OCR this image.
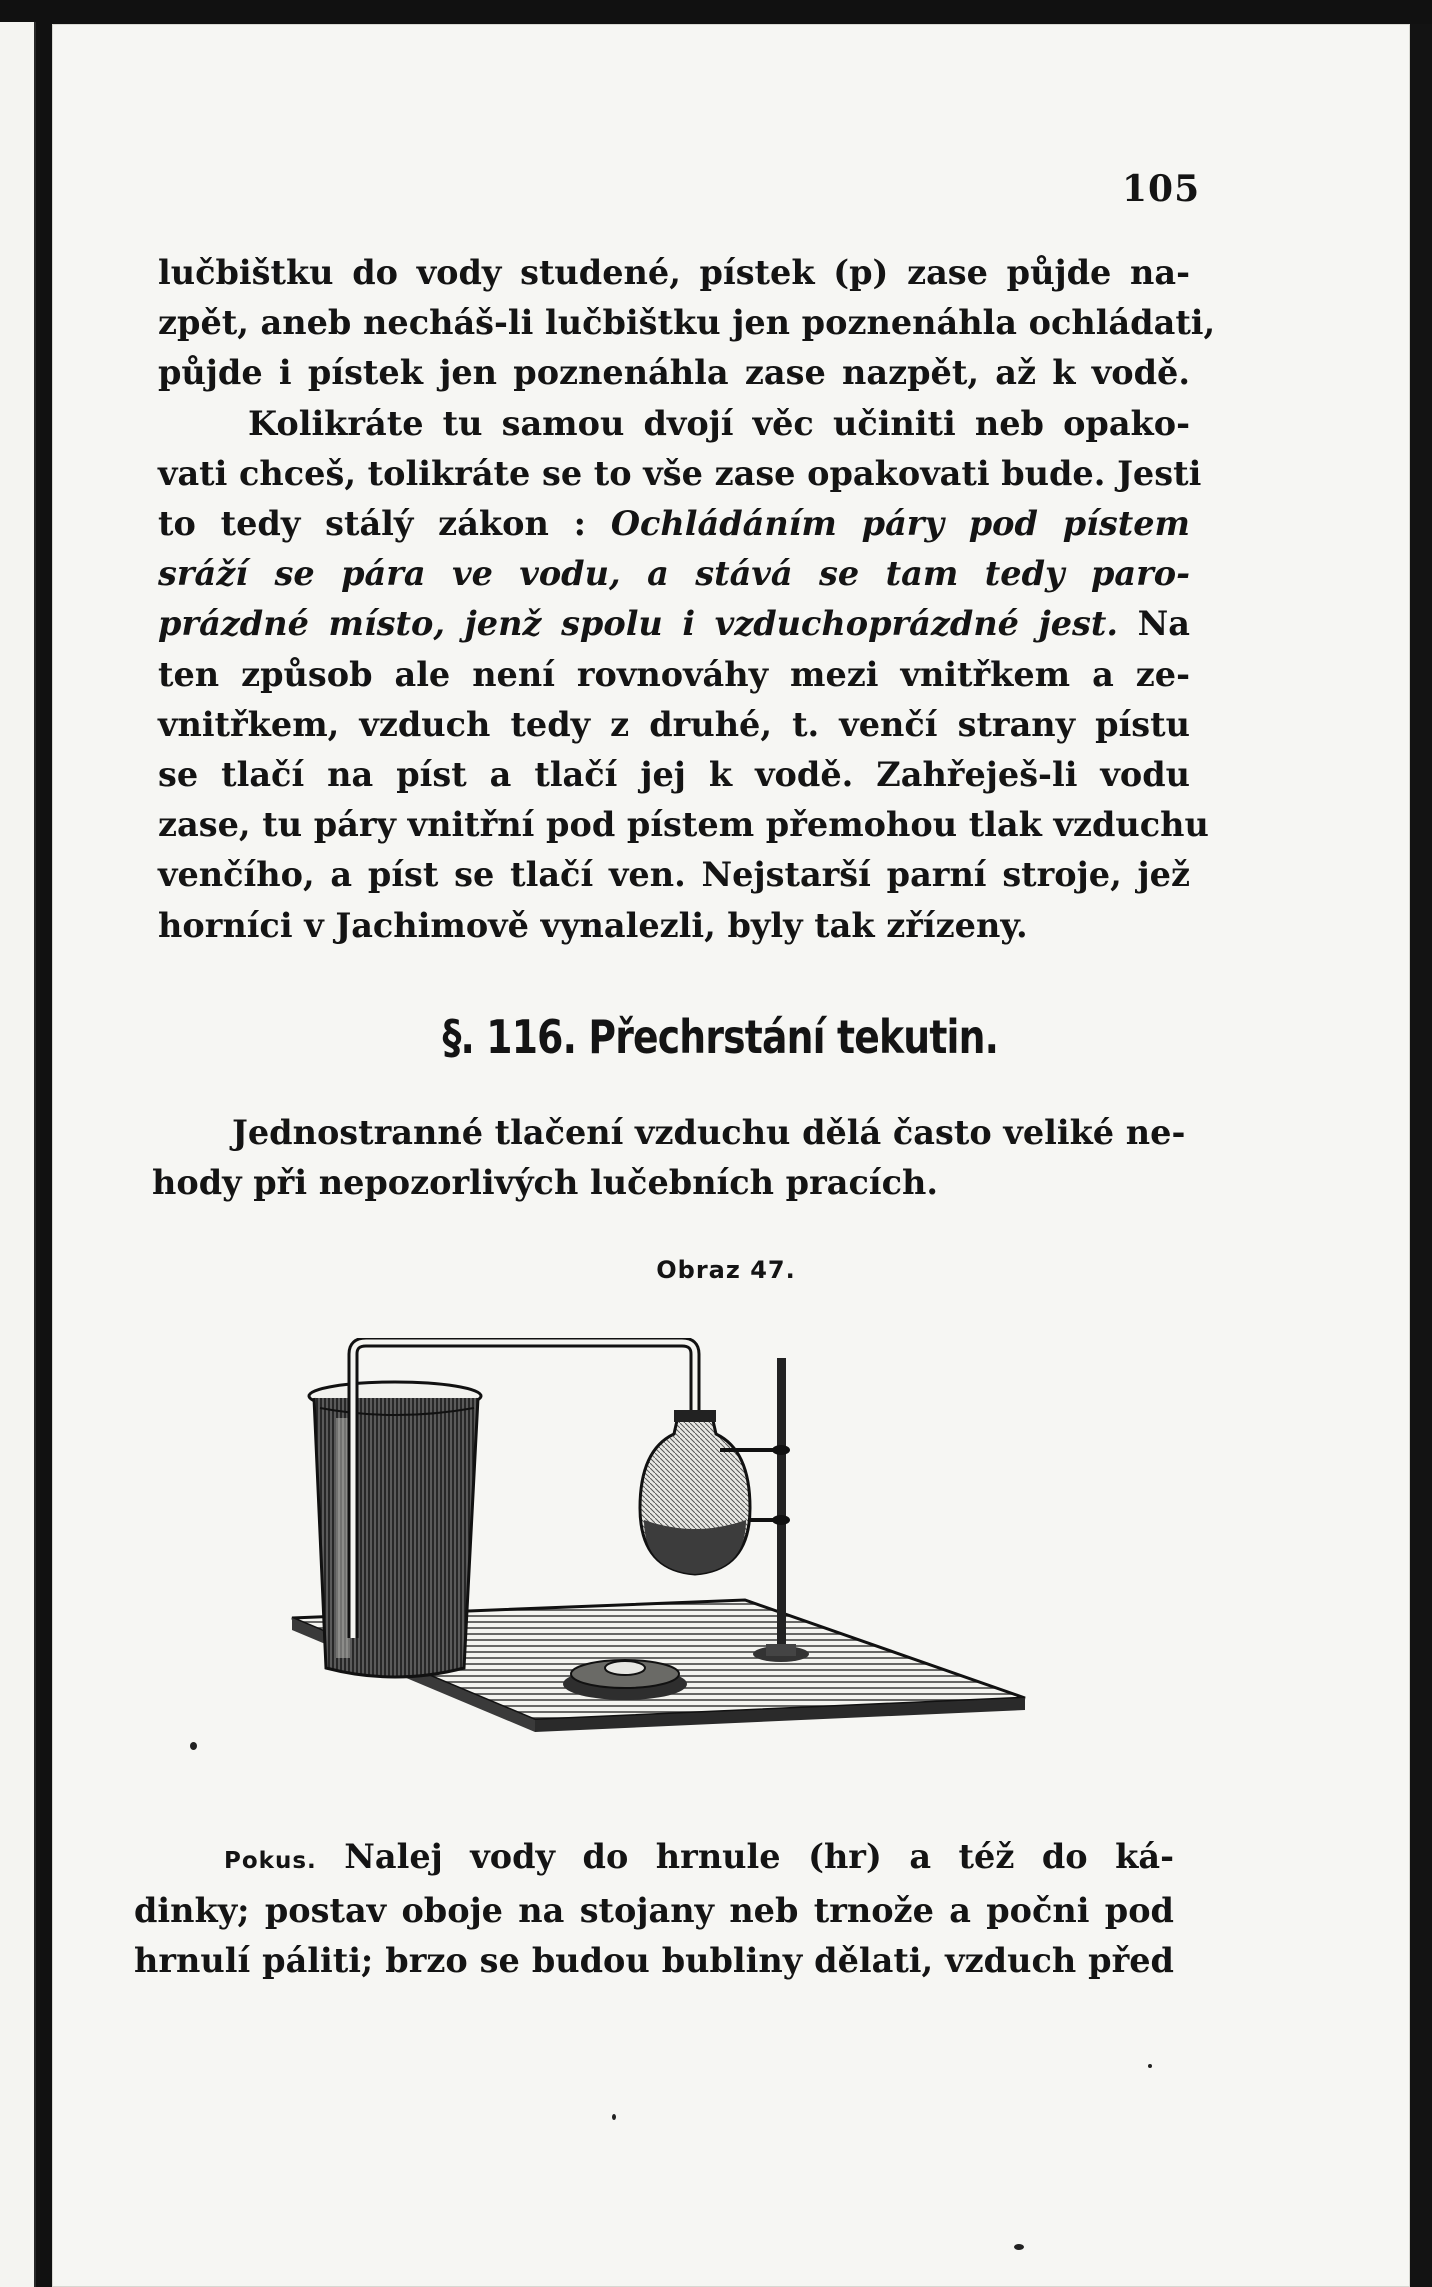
105
lučbištku do vody studené, pístek (p) zase půjde na-
zpět, aneb necháš-li lučbištku jen poznenáhla ochládati,
půjde i pístek jen poznenáhla zase nazpět, až k vodě.
Kolikráte tu samou dvojí věc učiniti neb opako-
vati chceš, tolikráte se to vše zase opakovati bude. Jesti
to tedy stálý zákon : Ochládáním páry pod pístem
sráží se pára ve vodu, a stává se tam tedy paro-
prázdné místo, jenž spolu i vzduchoprázdné jest. Na
ten způsob ale není rovnováhy mezi vnitřkem a ze-
vnitřkem, vzduch tedy z druhé, t. venčí strany pístu
se tlačí na píst a tlačí jej k vodě. Zahřeješ-li vodu
zase, tu páry vnitřní pod pístem přemohou tlak vzduchu
venčího, a píst se tlačí ven. Nejstarší parní stroje, jež
horníci v Jachimově vynalezli, byly tak zřízeny.
§. 116. Přechrstání tekutin.
Jednostranné tlačení vzduchu dělá často veliké ne-
hody při nepozorlivých lučebních pracích.
Obraz 47.
Pokus. Nalej vody do hrnule (hr) a též do ká-
dinky; postav oboje na stojany neb trnože a počni pod
hrnulí páliti; brzo se budou bubliny dělati, vzduch před
